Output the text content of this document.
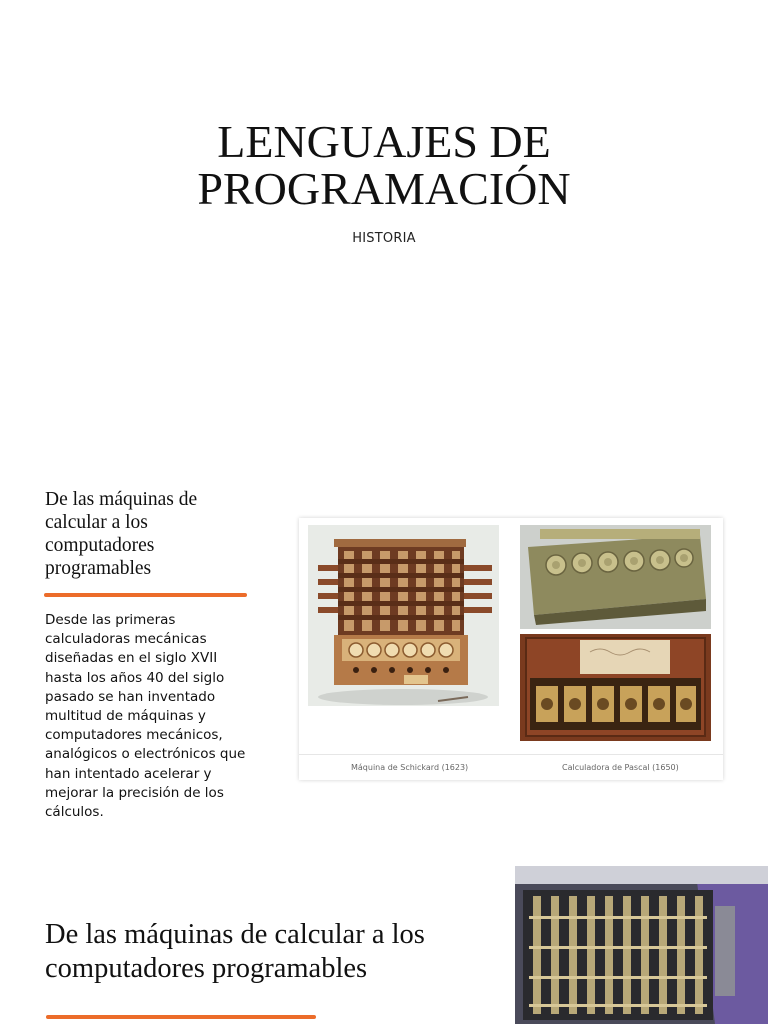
LENGUAJES DE
PROGRAMACIÓN
HISTORIA
De las máquinas de calcular a los computadores programables
Desde las primeras calculadoras mecánicas diseñadas en el siglo XVII hasta los años 40 del siglo pasado se han inventado multitud de máquinas y computadores mecánicos, analógicos o electrónicos que han intentado acelerar y mejorar la precisión de los cálculos.
Máquina de Schickard (1623)	Calculadora de Pascal (1650)
De las máquinas de calcular a los computadores programables
